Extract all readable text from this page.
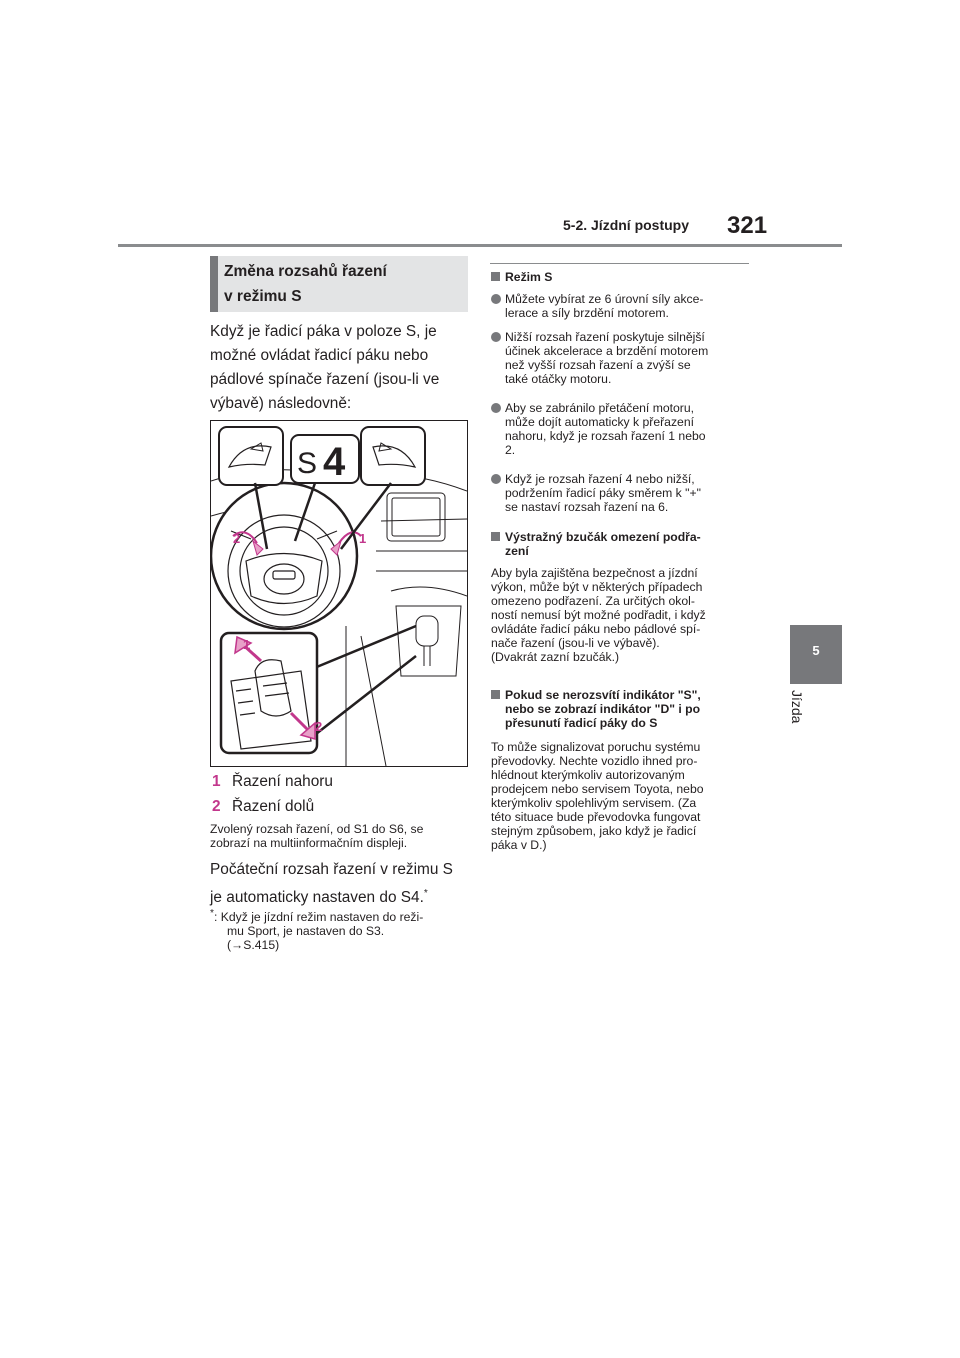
5-2. Jízdní postupy 321
5
Jízda
Změna rozsahů řazení
v režimu S
Když je řadicí páka v poloze S, je
možné ovládat řadicí páku nebo
pádlové spínače řazení (jsou-li ve
výbavě) následovně:
2	1
S 4
1
2
1 Řazení nahoru
2 Řazení dolů
Zvolený rozsah řazení, od S1 do S6, se
zobrazí na multiinformačním displeji.
Počáteční rozsah řazení v režimu S
je automaticky nastaven do S4.*
*: Když je jízdní režim nastaven do reži-
mu Sport, je nastaven do S3.
(→S.415)
Režim S
Můžete vybírat ze 6 úrovní síly akce-
lerace a síly brzdění motorem.
Nižší rozsah řazení poskytuje silnější
účinek akcelerace a brzdění motorem
než vyšší rozsah řazení a zvýší se
také otáčky motoru.
Aby se zabránilo přetáčení motoru,
může dojít automaticky k přeřazení
nahoru, když je rozsah řazení 1 nebo
2.
Když je rozsah řazení 4 nebo nižší,
podržením řadicí páky směrem k "+"
se nastaví rozsah řazení na 6.
Výstražný bzučák omezení podřa-
zení
Aby byla zajištěna bezpečnost a jízdní
výkon, může být v některých případech
omezeno podřazení. Za určitých okol-
ností nemusí být možné podřadit, i když
ovládáte řadicí páku nebo pádlové spí-
nače řazení (jsou-li ve výbavě).
(Dvakrát zazní bzučák.)
Pokud se nerozsvítí indikátor "S",
nebo se zobrazí indikátor "D" i po
přesunutí řadicí páky do S
To může signalizovat poruchu systému
převodovky. Nechte vozidlo ihned pro-
hlédnout kterýmkoliv autorizovaným
prodejcem nebo servisem Toyota, nebo
kterýmkoliv spolehlivým servisem. (Za
této situace bude převodovka fungovat
stejným způsobem, jako když je řadicí
páka v D.)
